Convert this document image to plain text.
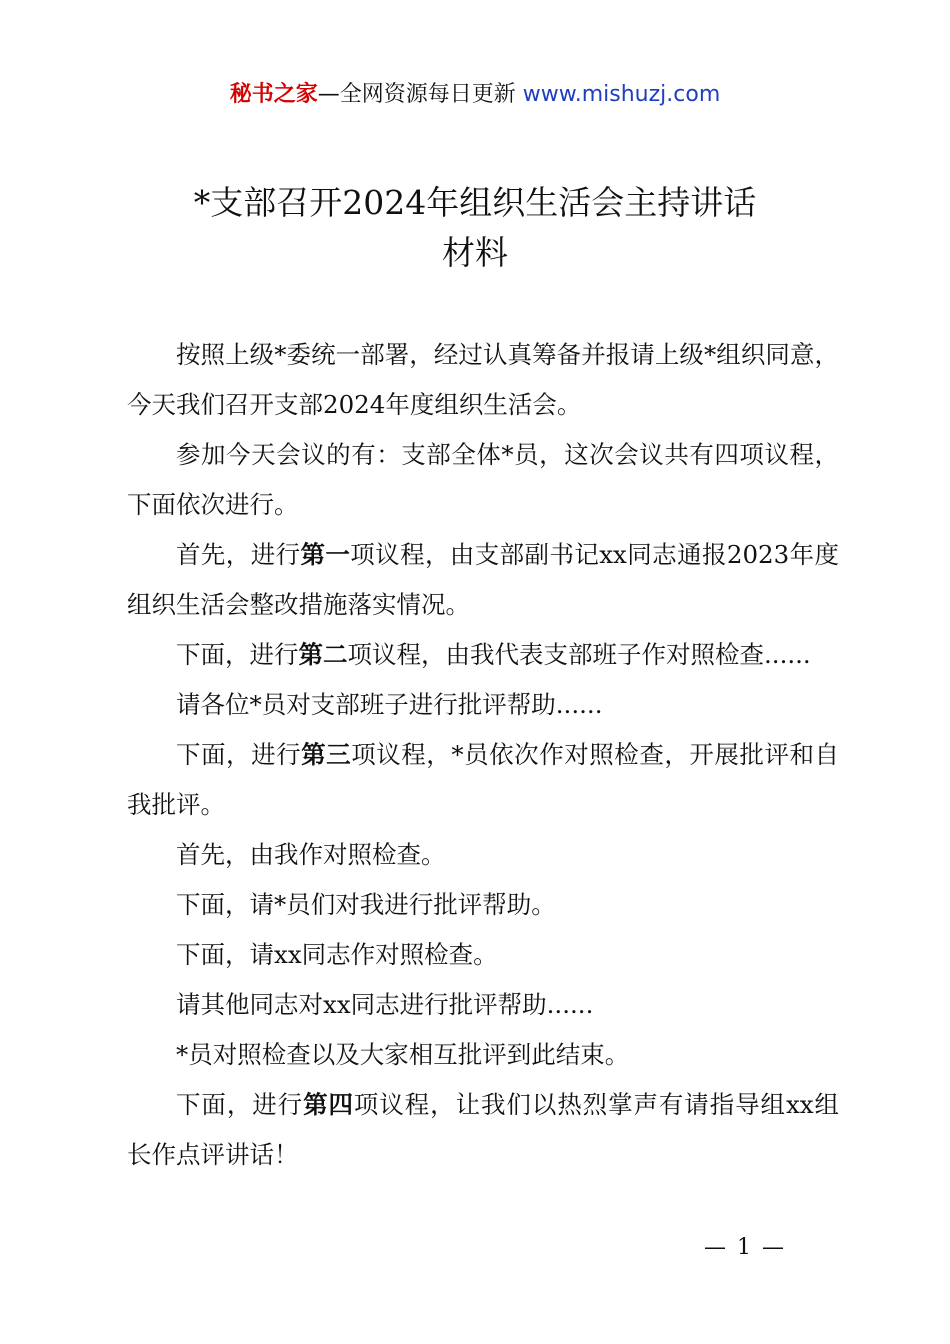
秘书之家—全网资源每日更新 www.mishuzj.com
*支部召开2024年组织生活会主持讲话
材料

按照上级*委统一部署，经过认真筹备并报请上级*组织同意，今天我们召开支部2024年度组织生活会。

参加今天会议的有：支部全体*员，这次会议共有四项议程，下面依次进行。

首先，进行第一项议程，由支部副书记xx同志通报2023年度组织生活会整改措施落实情况。

下面，进行第二项议程，由我代表支部班子作对照检查......

请各位*员对支部班子进行批评帮助......

下面，进行第三项议程，*员依次作对照检查，开展批评和自我批评。

首先，由我作对照检查。

下面，请*员们对我进行批评帮助。

下面，请xx同志作对照检查。

请其他同志对xx同志进行批评帮助......

*员对照检查以及大家相互批评到此结束。

下面，进行第四项议程，让我们以热烈掌声有请指导组xx组长作点评讲话！

— 1 —
